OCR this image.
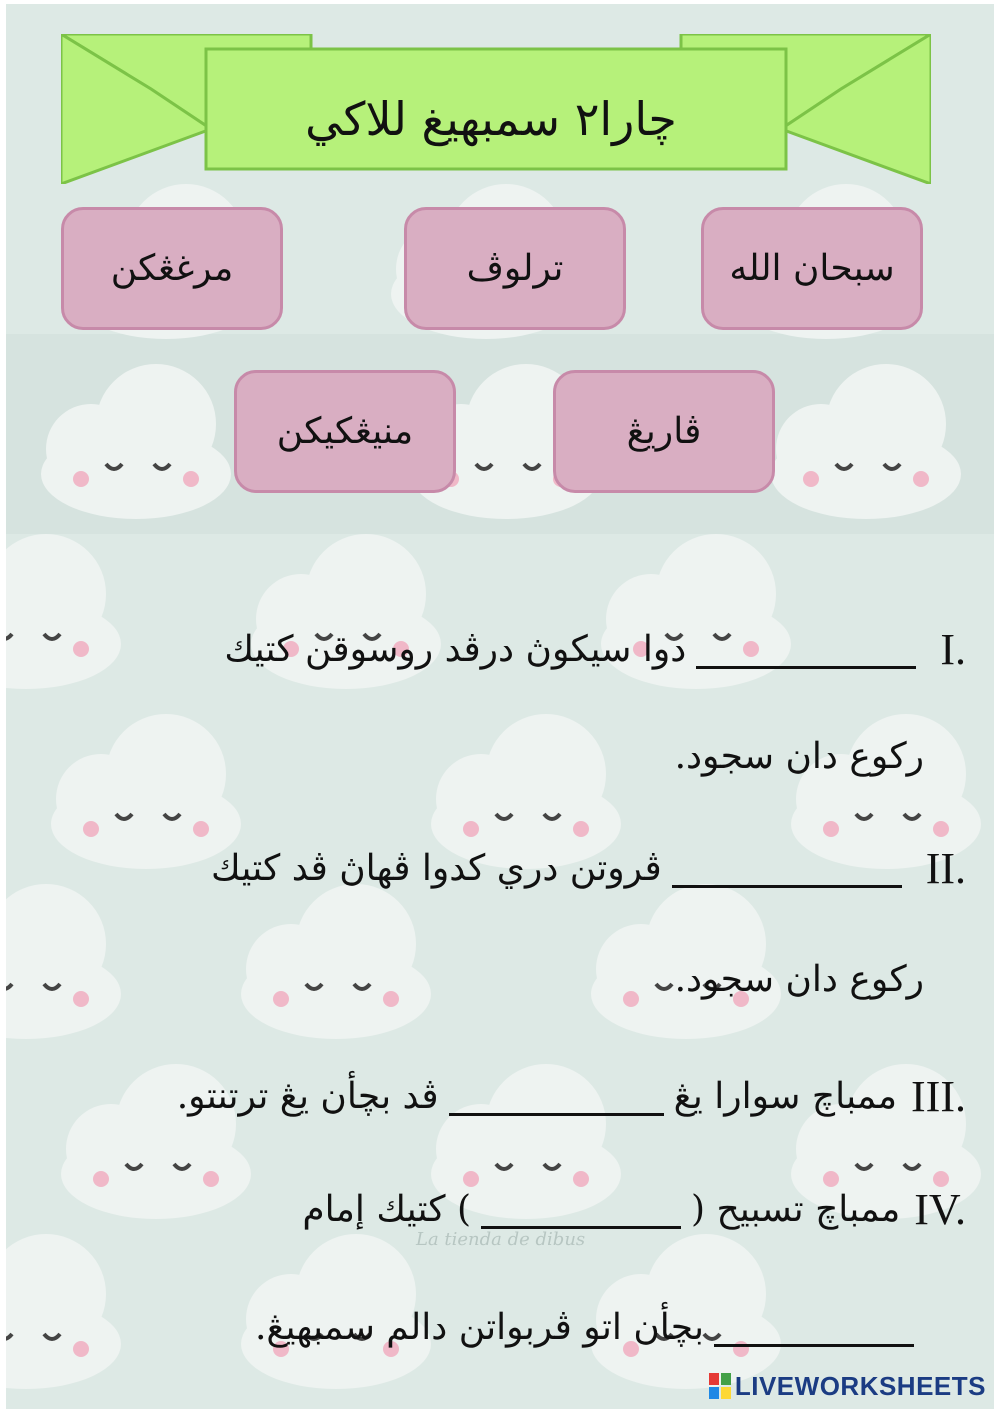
چارا٢ سمبهيغ للاكي
سبحان الله
ترلوڤ
مرغڠكن
ڤاريڠ
منيڠكيكن
I.
دوا سيكوڽ درڤد روسوقن كتيك
ركوع دان سجود.
II.
ڤروتن دري كدوا ڤهاڽ ڤد كتيك
ركوع دان سجود.
III.
ممباچ سوارا يڠ
ڤد بچأن يڠ ترتنتو.
IV.
ممباچ تسبيح (
) كتيك إمام
بچأن اتو ڤربواتن دالم سمبهيڠ.
La tienda de dibus
LIVEWORKSHEETS
